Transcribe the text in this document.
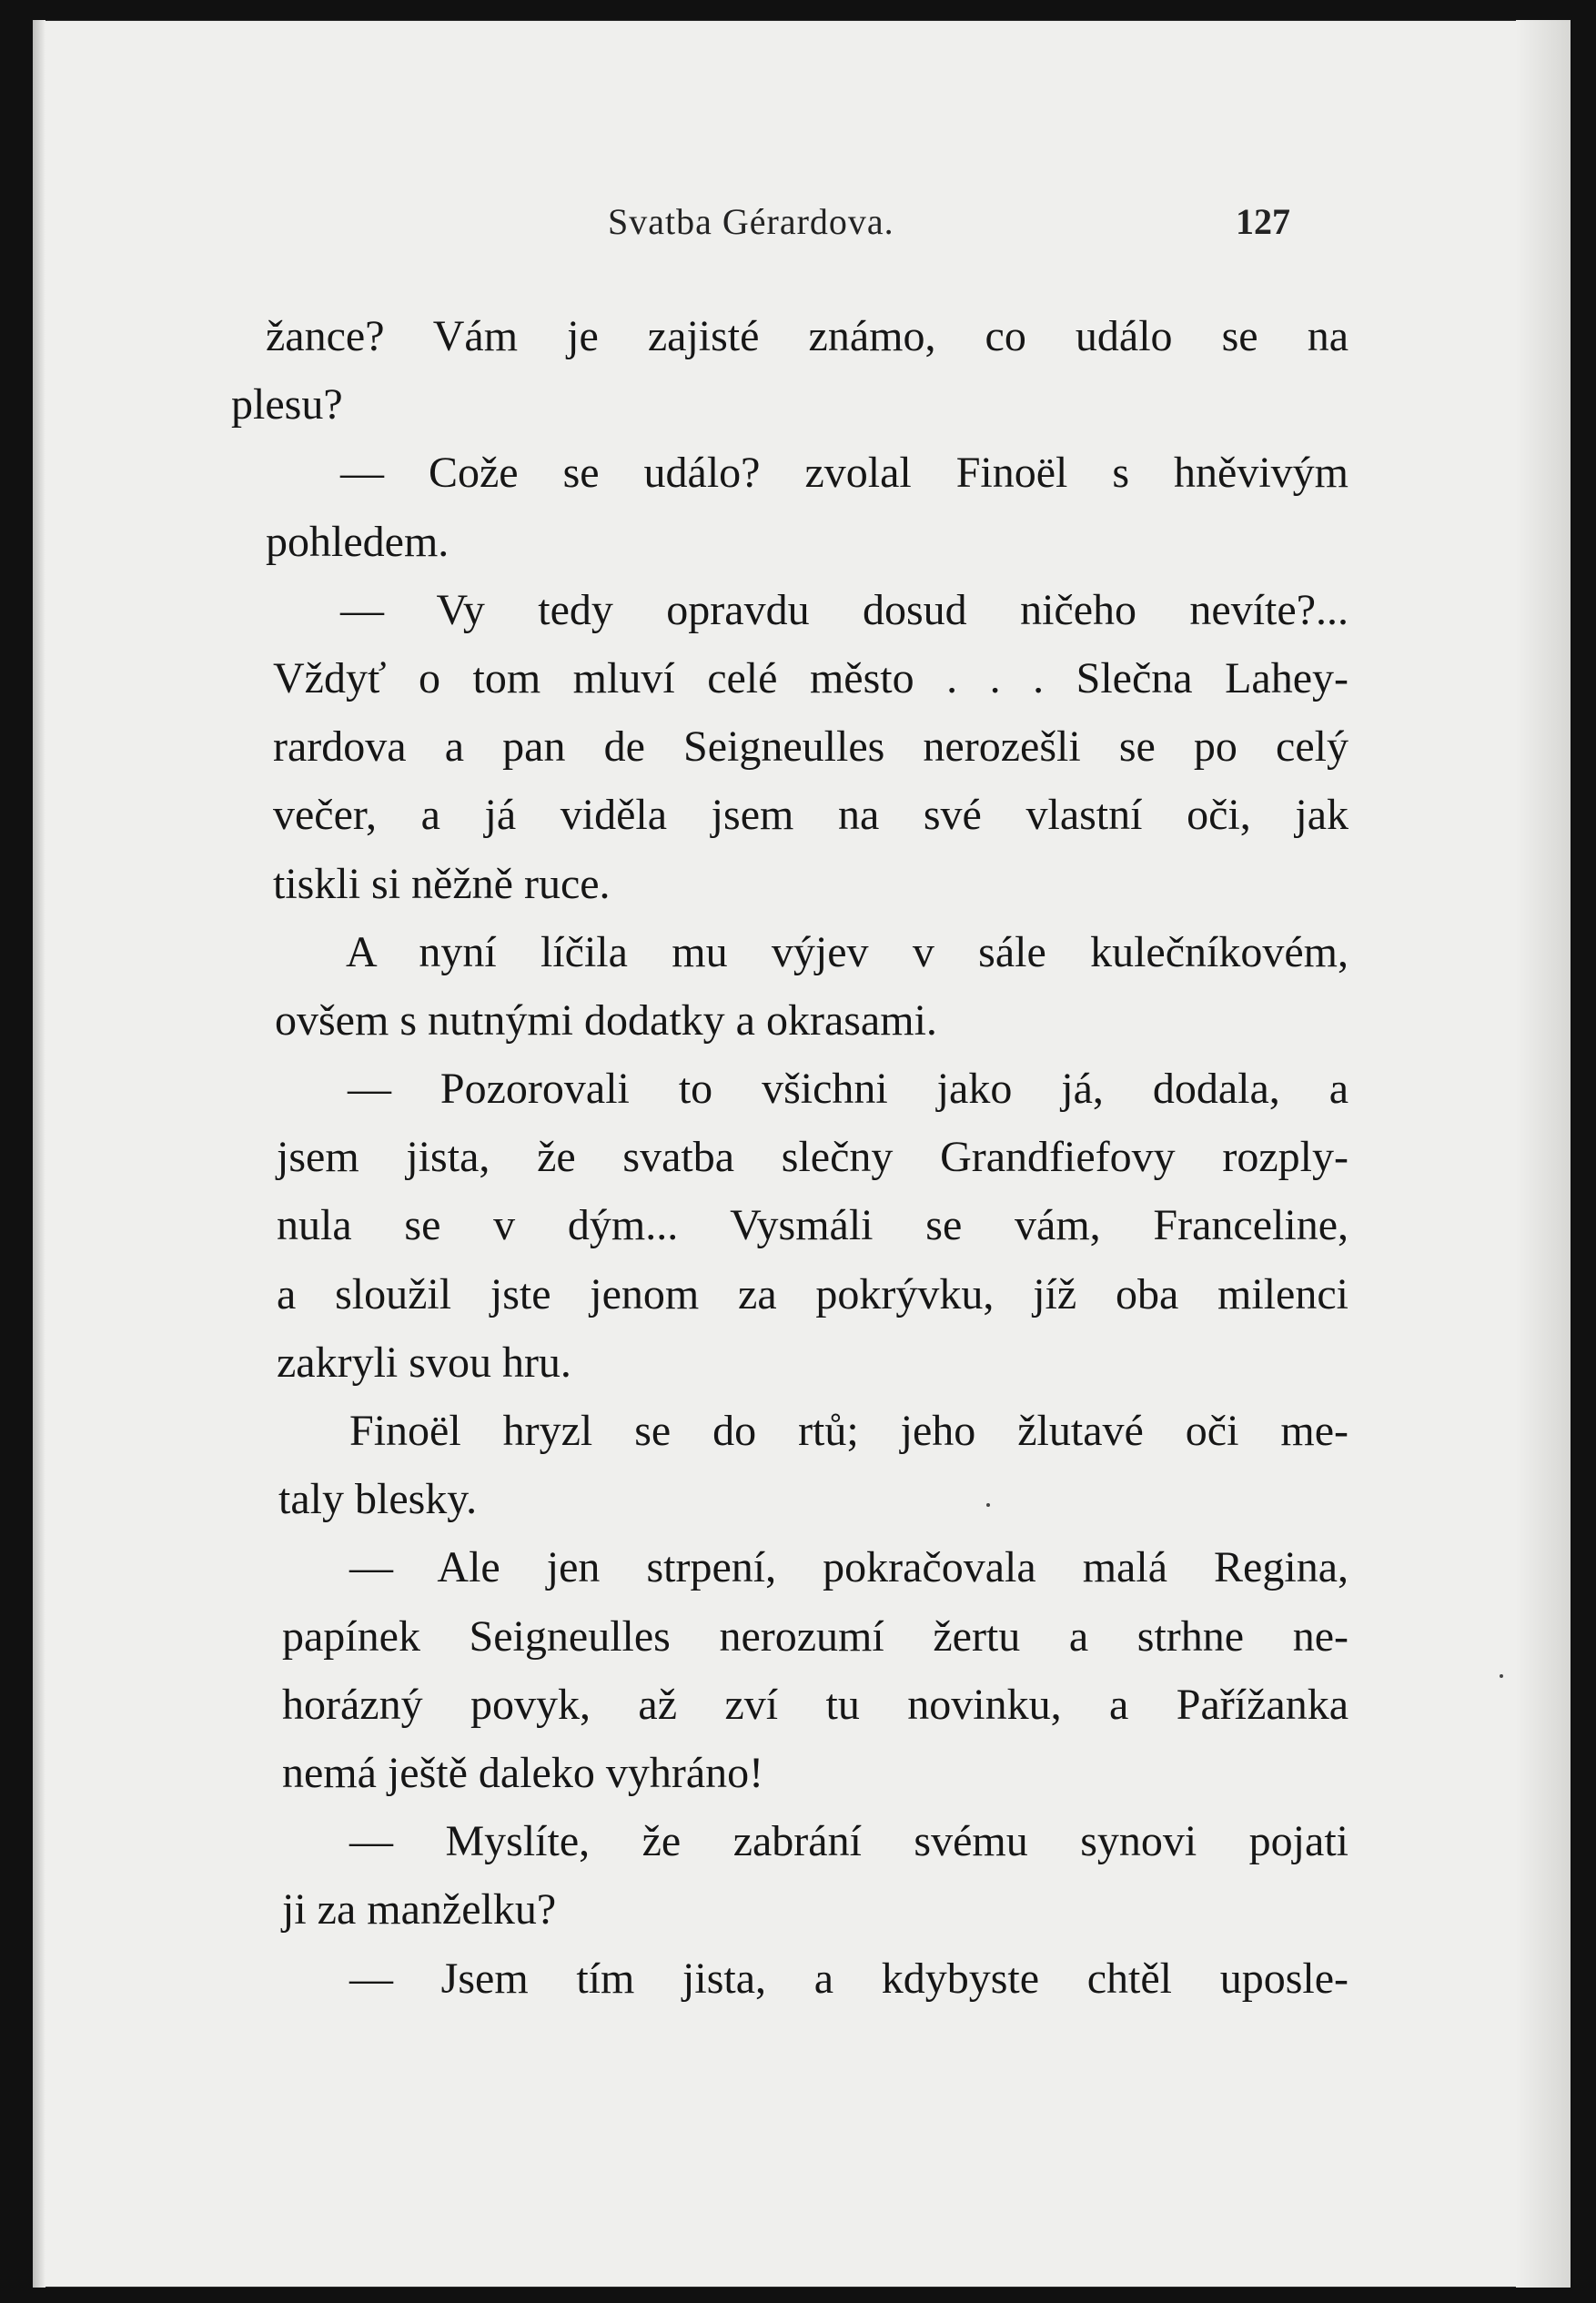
Svatba Gérardova.	127
žance? Vám je zajisté známo, co událo se na
plesu?
— Cože se událo? zvolal Finoël s hněvivým
pohledem.
— Vy tedy opravdu dosud ničeho nevíte?...
Vždyť o tom mluví celé město . . . Slečna Lahey-
rardova a pan de Seigneulles nerozešli se po celý
večer, a já viděla jsem na své vlastní oči, jak
tiskli si něžně ruce.
A nyní líčila mu výjev v sále kulečníkovém,
ovšem s nutnými dodatky a okrasami.
— Pozorovali to všichni jako já, dodala, a
jsem jista, že svatba slečny Grandfiefovy rozply-
nula se v dým... Vysmáli se vám, Franceline,
a sloužil jste jenom za pokrývku, jíž oba milenci
zakryli svou hru.
Finoël hryzl se do rtů; jeho žlutavé oči me-
taly blesky.
— Ale jen strpení, pokračovala malá Regina,
papínek Seigneulles nerozumí žertu a strhne ne-
horázný povyk, až zví tu novinku, a Pařížanka
nemá ještě daleko vyhráno!
— Myslíte, že zabrání svému synovi pojati
ji za manželku?
— Jsem tím jista, a kdybyste chtěl uposle-
